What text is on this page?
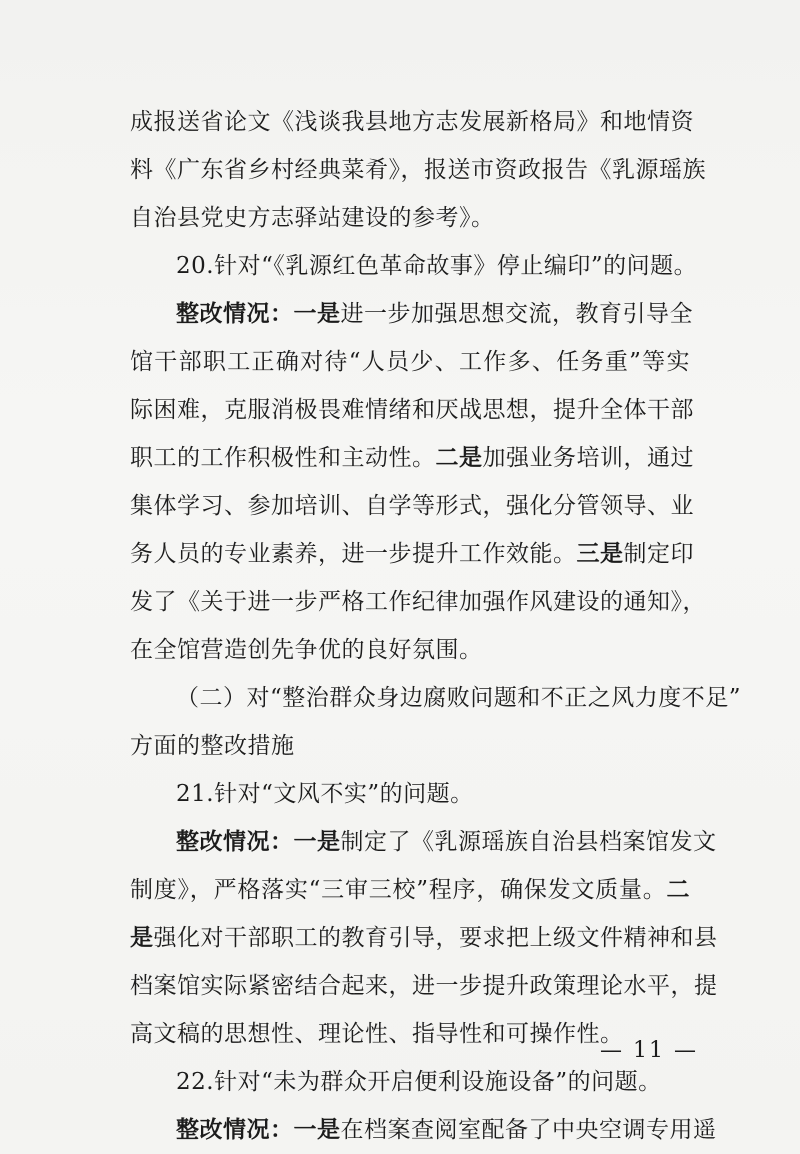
成报送省论文《浅谈我县地方志发展新格局》和地情资
料《广东省乡村经典菜肴》，报送市资政报告《乳源瑶族
自治县党史方志驿站建设的参考》。
20.针对“《乳源红色革命故事》停止编印”的问题。
整改情况：一是进一步加强思想交流，教育引导全
馆干部职工正确对待“人员少、工作多、任务重”等实
际困难，克服消极畏难情绪和厌战思想，提升全体干部
职工的工作积极性和主动性。二是加强业务培训，通过
集体学习、参加培训、自学等形式，强化分管领导、业
务人员的专业素养，进一步提升工作效能。三是制定印
发了《关于进一步严格工作纪律加强作风建设的通知》，
在全馆营造创先争优的良好氛围。
（二）对“整治群众身边腐败问题和不正之风力度不足”
方面的整改措施
21.针对“文风不实”的问题。
整改情况：一是制定了《乳源瑶族自治县档案馆发文
制度》，严格落实“三审三校”程序，确保发文质量。二
是强化对干部职工的教育引导，要求把上级文件精神和县
档案馆实际紧密结合起来，进一步提升政策理论水平，提
高文稿的思想性、理论性、指导性和可操作性。
22.针对“未为群众开启便利设施设备”的问题。
整改情况：一是在档案查阅室配备了中央空调专用遥
— 11 —
